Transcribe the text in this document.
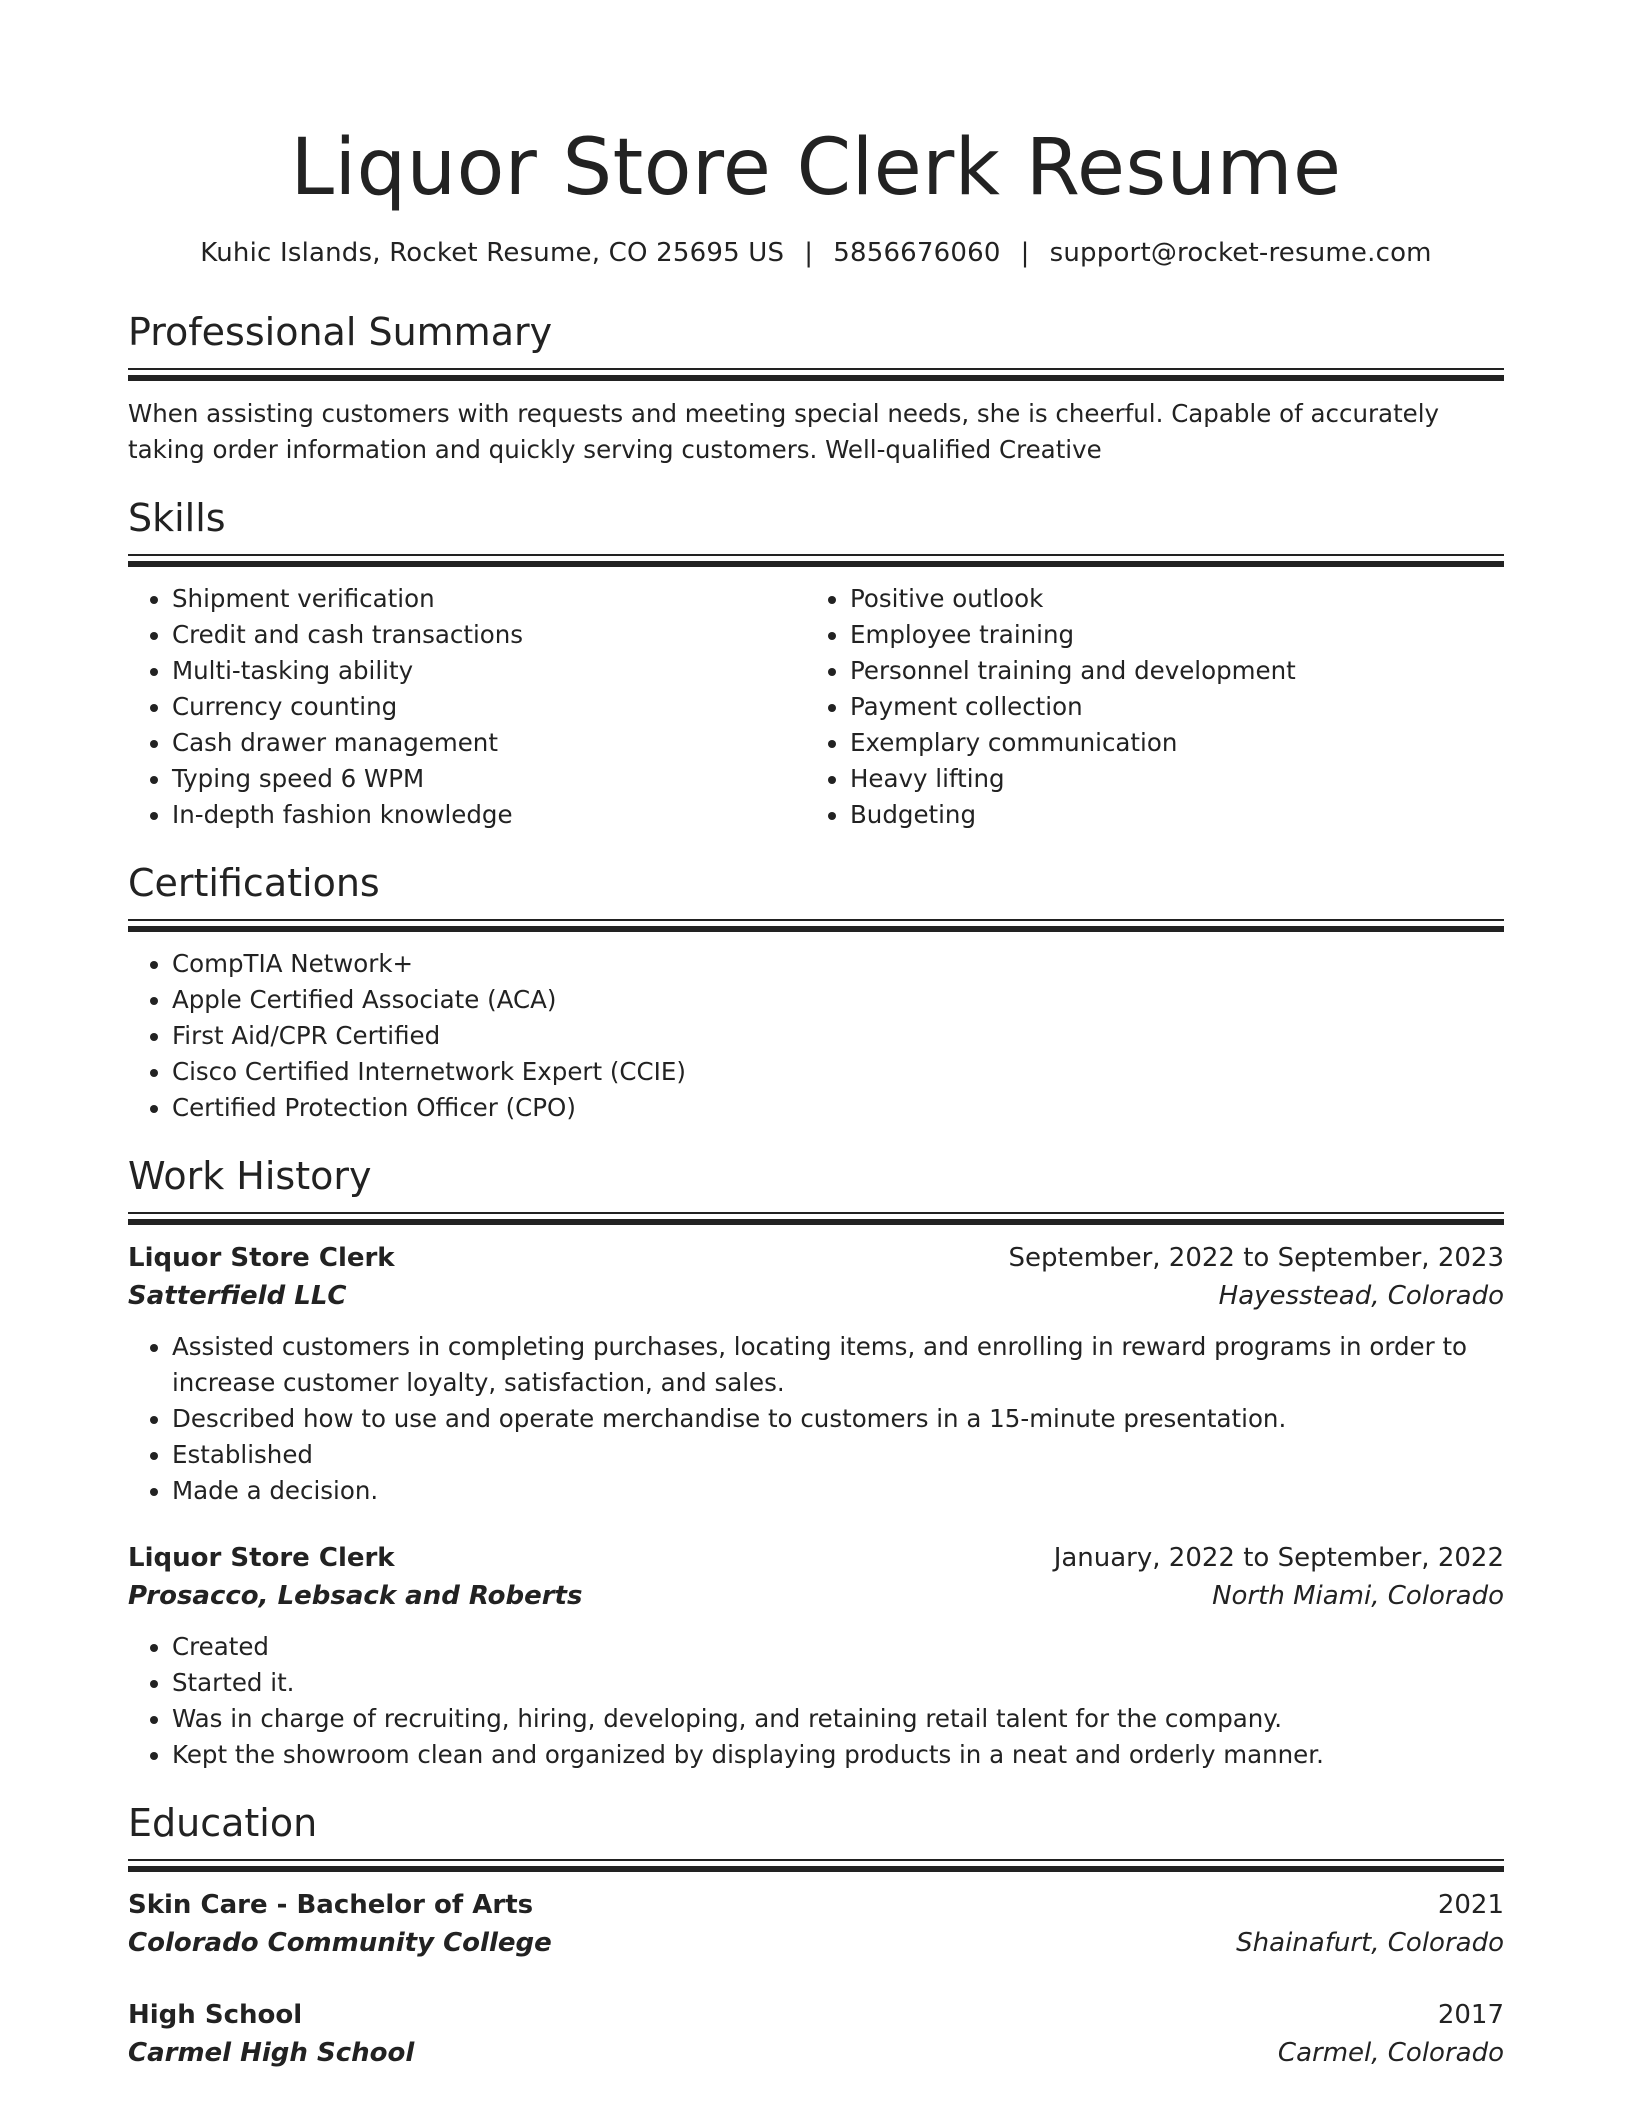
Liquor Store Clerk Resume
Kuhic Islands, Rocket Resume, CO 25695 US | 5856676060 | support@rocket-resume.com
Professional Summary

When assisting customers with requests and meeting special needs, she is cheerful. Capable of accurately taking order information and quickly serving customers. Well-qualified Creative

Skills
• Shipment verification
• Credit and cash transactions
• Multi-tasking ability
• Currency counting
• Cash drawer management
• Typing speed 6 WPM
• In-depth fashion knowledge
• Positive outlook
• Employee training
• Personnel training and development
• Payment collection
• Exemplary communication
• Heavy lifting
• Budgeting
Certifications
• CompTIA Network+
• Apple Certified Associate (ACA)
• First Aid/CPR Certified
• Cisco Certified Internetwork Expert (CCIE)
• Certified Protection Officer (CPO)
Work History
Liquor Store Clerk	September, 2022 to September, 2023
Satterfield LLC	Hayesstead, Colorado
• Assisted customers in completing purchases, locating items, and enrolling in reward programs in order to increase customer loyalty, satisfaction, and sales.
• Described how to use and operate merchandise to customers in a 15-minute presentation.
• Established
• Made a decision.
Liquor Store Clerk	January, 2022 to September, 2022
Prosacco, Lebsack and Roberts	North Miami, Colorado
• Created
• Started it.
• Was in charge of recruiting, hiring, developing, and retaining retail talent for the company.
• Kept the showroom clean and organized by displaying products in a neat and orderly manner.
Education
Skin Care - Bachelor of Arts	2021
Colorado Community College	Shainafurt, Colorado
High School	2017
Carmel High School	Carmel, Colorado
